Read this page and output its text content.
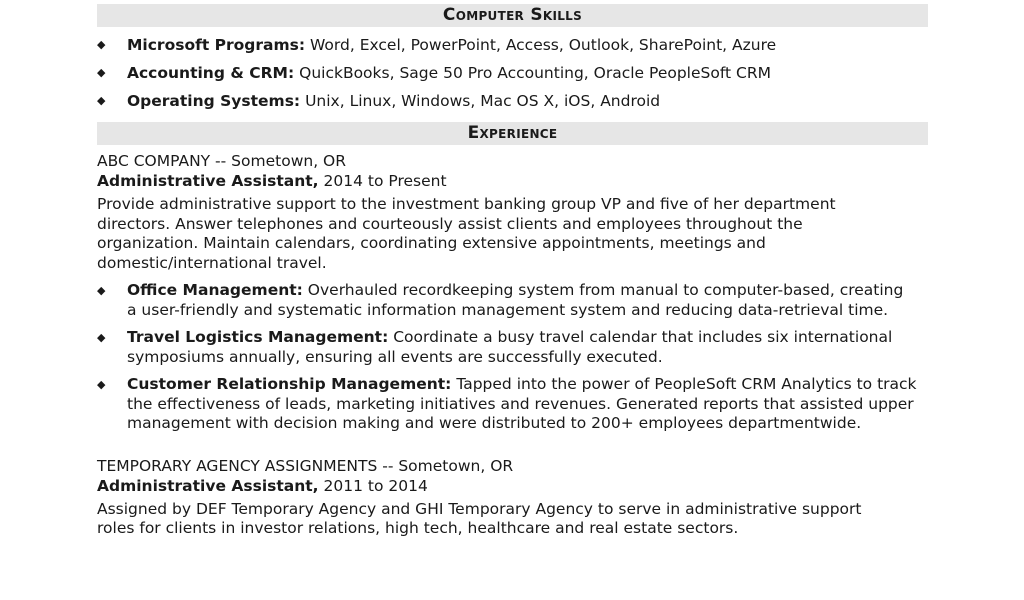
Computer Skills
◆ Microsoft Programs: Word, Excel, PowerPoint, Access, Outlook, SharePoint, Azure
◆ Accounting & CRM: QuickBooks, Sage 50 Pro Accounting, Oracle PeopleSoft CRM
◆ Operating Systems: Unix, Linux, Windows, Mac OS X, iOS, Android
Experience
ABC COMPANY -- Sometown, OR
Administrative Assistant, 2014 to Present
Provide administrative support to the investment banking group VP and five of her department directors. Answer telephones and courteously assist clients and employees throughout the organization. Maintain calendars, coordinating extensive appointments, meetings and domestic/international travel.
◆ Office Management: Overhauled recordkeeping system from manual to computer-based, creating a user-friendly and systematic information management system and reducing data-retrieval time.
◆ Travel Logistics Management: Coordinate a busy travel calendar that includes six international symposiums annually, ensuring all events are successfully executed.
◆ Customer Relationship Management: Tapped into the power of PeopleSoft CRM Analytics to track the effectiveness of leads, marketing initiatives and revenues. Generated reports that assisted upper management with decision making and were distributed to 200+ employees departmentwide.
TEMPORARY AGENCY ASSIGNMENTS -- Sometown, OR
Administrative Assistant, 2011 to 2014
Assigned by DEF Temporary Agency and GHI Temporary Agency to serve in administrative support roles for clients in investor relations, high tech, healthcare and real estate sectors.
